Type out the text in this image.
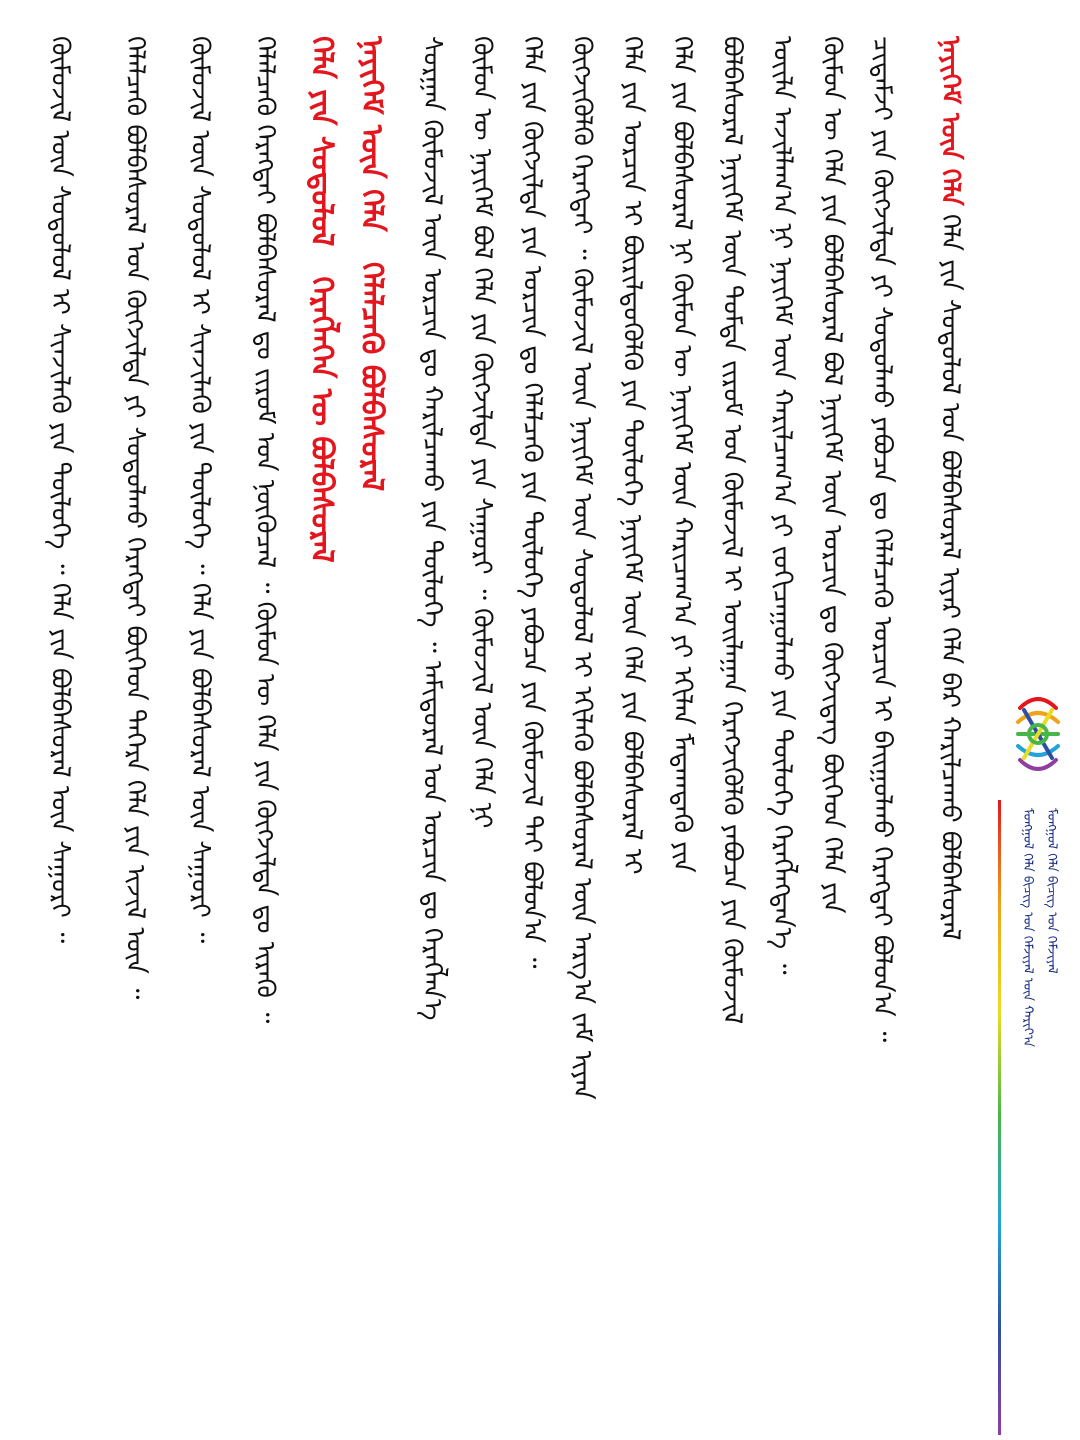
ᠮᠣᠩᠭᠣᠯ ᠬᠡᠯᠡ ᠪᠢᠴᠢᠭ ᠤᠨ ᠬᠡᠮᠵᠢᠶᠡᠯ
ᠮᠣᠩᠭᠣᠯ ᠬᠡᠯᠡ ᠪᠢᠴᠢᠭ ᠤᠨ ᠬᠡᠮᠵᠢᠶᠡᠯ ᠦᠨ ᠬᠠᠷᠢᠶ᠎ᠠ
ᠨᠡᠶᠢᠭᠡᠮ ᠦᠨ ᠬᠡᠯᠡ ᠬᠡᠯᠡ ᠶᠢᠨ ᠰᠤᠳᠤᠯᠤᠯ ᠤᠨ ᠪᠣᠯᠪᠠᠰᠤᠷᠠᠯ ᠢᠶᠠᠷ ᠬᠡᠯᠡ ᠪᠡᠷ ᠬᠠᠷᠢᠯᠴᠠᠬᠤ ᠪᠣᠯᠪᠠᠰᠤᠷᠠᠯ
ᠴᠢᠳᠠᠮᠵᠢ ᠶᠢᠨ ᠬᠥᠭᠵᠢᠯᠲᠡ ᠶᠢ ᠰᠤᠳᠤᠯᠬᠤ ᠶᠠᠪᠤᠴᠠ ᠳᠤ ᠬᠡᠯᠡᠯᠴᠡᠬᠦ ᠣᠷᠴᠢᠨ ᠢ ᠪᠠᠢᠭᠤᠯᠬᠤ ᠬᠡᠷᠡᠭᠲᠡᠢ ᠪᠣᠯᠤᠨ᠎ᠠ ᠃
ᠬᠥᠮᠦᠨ ᠦ ᠬᠡᠯᠡ ᠶᠢᠨ ᠪᠣᠯᠪᠠᠰᠤᠷᠠᠯ ᠪᠣᠯ ᠨᠡᠶᠢᠭᠡᠮ ᠦᠨ ᠣᠷᠴᠢᠨ ᠳᠤ ᠬᠥᠭᠵᠢᠳᠡᠭ ᠪᠥᠭᠡᠳ ᠬᠡᠯᠡ ᠶᠢᠨ
ᠦᠢᠯᠡ ᠠᠵᠢᠯᠯᠠᠭ᠎ᠠ ᠨᠢ ᠨᠡᠶᠢᠭᠡᠮ ᠦᠨ ᠬᠠᠷᠢᠯᠴᠠᠭ᠎ᠠ ᠶᠢ ᠵᠣᠬᠢᠴᠠᠭᠤᠯᠬᠤ ᠶᠢᠨ ᠲᠥᠯᠥᠭᠡ ᠬᠡᠷᠡᠭᠯᠡᠭᠳᠡᠨ᠎ᠡ ᠃
ᠪᠣᠯᠪᠠᠰᠤᠷᠠᠯ ᠨᠡᠶᠢᠭᠡᠮ ᠦᠨ ᠳᠤᠮᠳᠠ ᠵᠢᠷᠤᠮ ᠤᠨ ᠬᠦᠮᠦᠵᠢᠯ ᠢ ᠣᠢᠯᠠᠭᠠᠨ ᠬᠡᠷᠡᠭᠵᠢᠭᠦᠯᠬᠦ ᠶᠠᠪᠤᠴᠠ ᠶᠢᠨ ᠬᠦᠮᠦᠵᠢᠯ
ᠬᠡᠯᠡ ᠶᠢᠨ ᠪᠣᠯᠪᠠᠰᠤᠷᠠᠯ ᠨᠢ ᠬᠥᠮᠦᠨ ᠦ ᠨᠡᠶᠢᠭᠡᠮ ᠦᠨ ᠬᠠᠷᠢᠴᠠᠭ᠎ᠠ ᠶᠢ ᠡᠬᠢᠯᠡᠨ ᠮᠡᠳᠡᠭ᠍ᠳᠡᠬᠦ ᠶᠢᠨ
ᠬᠡᠯᠡ ᠶᠢᠨ ᠣᠷᠴᠢᠨ ᠢ ᠪᠦᠷᠢᠯᠳᠦᠭᠦᠯᠬᠦ ᠶᠢᠨ ᠲᠥᠯᠥᠭᠡ ᠨᠡᠶᠢᠭᠡᠮ ᠦᠨ ᠬᠡᠯᠡ ᠶᠢᠨ ᠪᠣᠯᠪᠠᠰᠤᠷᠠᠯ ᠢ
ᠬᠥᠭᠵᠢᠭᠦᠯᠬᠦ ᠬᠡᠷᠡᠭᠲᠡᠢ ᠃ ᠬᠦᠮᠦᠵᠢᠯ ᠦᠨ ᠨᠡᠶᠢᠭᠡᠮ ᠦᠨ ᠰᠤᠳᠤᠯᠤᠯ ᠢ ᠡᠬᠢᠯᠡᠬᠦ ᠪᠣᠯᠪᠠᠰᠤᠷᠠᠯ ᠦᠨ ᠠᠷᠭ᠎ᠠ ᠵᠠᠮ ᠢᠶᠠᠨ
ᠬᠡᠯᠡ ᠶᠢᠨ ᠬᠥᠭᠵᠢᠯᠲᠡ ᠶᠢᠨ ᠣᠷᠴᠢᠨ ᠳᠤ ᠬᠡᠯᠡᠯᠴᠡᠬᠦ ᠶᠢᠨ ᠲᠥᠯᠥᠭᠡ ᠶᠠᠪᠤᠴᠠ ᠶᠢᠨ ᠬᠦᠮᠦᠵᠢᠯ ᠲᠡᠢ ᠪᠣᠯᠤᠨ᠎ᠠ ᠃
ᠬᠥᠮᠦᠨ ᠦ ᠨᠡᠶᠢᠭᠡᠮ ᠪᠣᠯ ᠬᠡᠯᠡ ᠶᠢᠨ ᠬᠥᠭᠵᠢᠯᠲᠡ ᠶᠢᠨ ᠰᠠᠭᠤᠷᠢ ᠃ ᠬᠦᠮᠦᠵᠢᠯ ᠦᠨ ᠬᠡᠯᠡ ᠨᠢ
ᠰᠤᠷᠭᠠᠨ ᠬᠥᠮᠦᠵᠢᠯ ᠦᠨ ᠣᠷᠴᠢᠨ ᠳᠤ ᠬᠠᠷᠢᠯᠴᠠᠬᠤ ᠶᠢᠨ ᠲᠥᠯᠥᠭᠡ ᠃ ᠠᠮᠢᠳᠤᠷᠠᠯ ᠤᠨ ᠣᠷᠴᠢᠨ ᠳᠤ ᠬᠡᠷᠡᠭᠯᠡᠨ᠎ᠡ
ᠨᠡᠶᠢᠭᠡᠮ ᠦᠨ ᠬᠡᠯᠡ　ᠬᠡᠯᠡᠯᠴᠡᠬᠦ ᠪᠣᠯᠪᠠᠰᠤᠷᠠᠯ
ᠬᠡᠯᠡ ᠶᠢᠨ ᠰᠤᠳᠤᠯᠤᠯ　ᠬᠡᠷᠡᠭᠯᠡᠭᠡᠨ ᠦ ᠪᠣᠯᠪᠠᠰᠤᠷᠠᠯ
ᠬᠡᠯᠡᠯᠴᠡᠬᠦ ᠬᠡᠷᠡᠭᠲᠡᠢ ᠪᠣᠯᠪᠠᠰᠤᠷᠠᠯ ᠳᠤ ᠵᠢᠷᠤᠮ ᠤᠨ ᠨᠥᠬᠦᠴᠡᠯ ᠃ ᠬᠥᠮᠦᠨ ᠦ ᠬᠡᠯᠡ ᠶᠢᠨ ᠬᠥᠭᠵᠢᠯᠲᠡ ᠳᠤ ᠢᠷᠡᠬᠦ ᠃
ᠬᠦᠮᠦᠵᠢᠯ ᠦᠨ ᠰᠤᠳᠤᠯᠤᠯ ᠢ ᠰᠢᠨᠵᠢᠯᠡᠬᠦ ᠶᠢᠨ ᠲᠥᠯᠥᠭᠡ ᠃ ᠬᠡᠯᠡ ᠶᠢᠨ ᠪᠣᠯᠪᠠᠰᠤᠷᠠᠯ ᠦᠨ ᠰᠠᠭᠤᠷᠢ ᠃
ᠬᠡᠯᠡᠯᠴᠡᠬᠦ ᠪᠣᠯᠪᠠᠰᠤᠷᠠᠯ ᠤᠨ ᠬᠥᠭᠵᠢᠯᠲᠡ ᠶᠢ ᠰᠤᠳᠤᠯᠬᠤ ᠬᠡᠷᠡᠭᠲᠡᠢ ᠪᠥᠭᠡᠳ ᠳᠡᠭᠡᠷᠡ ᠬᠡᠯᠡ ᠶᠢᠨ ᠢᠵᠢᠯ ᠦᠨ ᠃
ᠬᠦᠮᠦᠵᠢᠯ ᠦᠨ ᠰᠤᠳᠤᠯᠤᠯ ᠢ ᠰᠢᠨᠵᠢᠯᠡᠬᠦ ᠶᠢᠨ ᠲᠥᠯᠥᠭᠡ ᠃ ᠬᠡᠯᠡ ᠶᠢᠨ ᠪᠣᠯᠪᠠᠰᠤᠷᠠᠯ ᠦᠨ ᠰᠠᠭᠤᠷᠢ ᠃
